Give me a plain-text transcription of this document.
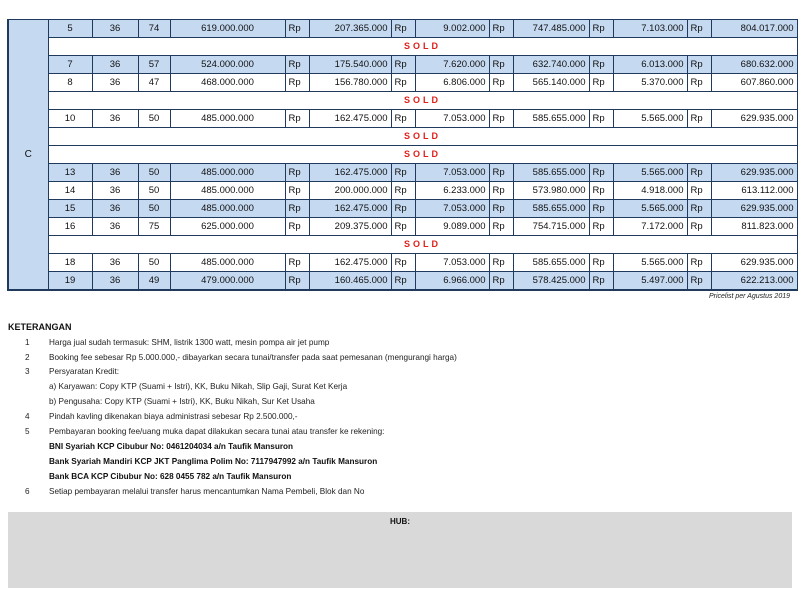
C	5	36	74	619.000.000	Rp	207.365.000	Rp	9.002.000	Rp	747.485.000	Rp	7.103.000	Rp	804.017.000
	SOLD													
	7	36	57	524.000.000	Rp	175.540.000	Rp	7.620.000	Rp	632.740.000	Rp	6.013.000	Rp	680.632.000
	8	36	47	468.000.000	Rp	156.780.000	Rp	6.806.000	Rp	565.140.000	Rp	5.370.000	Rp	607.860.000
	SOLD													
	10	36	50	485.000.000	Rp	162.475.000	Rp	7.053.000	Rp	585.655.000	Rp	5.565.000	Rp	629.935.000
	SOLD													
	SOLD													
	13	36	50	485.000.000	Rp	162.475.000	Rp	7.053.000	Rp	585.655.000	Rp	5.565.000	Rp	629.935.000
	14	36	50	485.000.000	Rp	200.000.000	Rp	6.233.000	Rp	573.980.000	Rp	4.918.000	Rp	613.112.000
	15	36	50	485.000.000	Rp	162.475.000	Rp	7.053.000	Rp	585.655.000	Rp	5.565.000	Rp	629.935.000
	16	36	75	625.000.000	Rp	209.375.000	Rp	9.089.000	Rp	754.715.000	Rp	7.172.000	Rp	811.823.000
	SOLD													
	18	36	50	485.000.000	Rp	162.475.000	Rp	7.053.000	Rp	585.655.000	Rp	5.565.000	Rp	629.935.000
	19	36	49	479.000.000	Rp	160.465.000	Rp	6.966.000	Rp	578.425.000	Rp	5.497.000	Rp	622.213.000
Pricelist per Agustus 2019
KETERANGAN
1 Harga jual sudah termasuk: SHM, listrik 1300 watt, mesin pompa air jet pump
2 Booking fee sebesar Rp 5.000.000,- dibayarkan secara tunai/transfer pada saat pemesanan (mengurangi harga)
3 Persyaratan Kredit:
a) Karyawan: Copy KTP (Suami + Istri), KK, Buku Nikah, Slip Gaji, Surat Ket Kerja
b) Pengusaha: Copy KTP (Suami + Istri), KK, Buku Nikah, Sur Ket Usaha
4 Pindah kavling dikenakan biaya administrasi sebesar Rp 2.500.000,-
5 Pembayaran booking fee/uang muka dapat dilakukan secara tunai atau transfer ke rekening:
BNI Syariah KCP Cibubur No: 0461204034 a/n Taufik Mansuron
Bank Syariah Mandiri KCP JKT Panglima Polim No: 7117947992 a/n Taufik Mansuron
Bank BCA KCP Cibubur No: 628 0455 782 a/n Taufik Mansuron
6 Setiap pembayaran melalui transfer harus mencantumkan Nama Pembeli, Blok dan No
HUB:
